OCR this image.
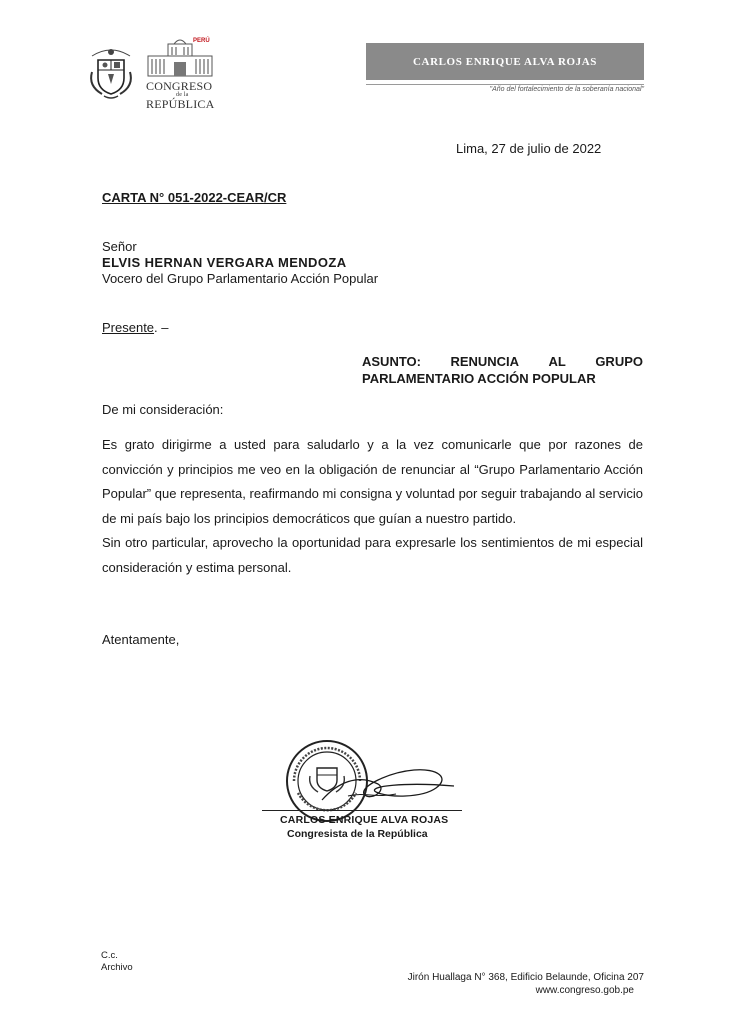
PERÚ
CONGRESO
de la
REPÚBLICA
CARLOS ENRIQUE ALVA ROJAS
"Año del fortalecimiento de la soberanía nacional"
Lima, 27 de julio de 2022
CARTA N° 051-2022-CEAR/CR
Señor
ELVIS HERNAN VERGARA MENDOZA
Vocero del Grupo Parlamentario Acción Popular
Presente. –
ASUNTO: RENUNCIA AL GRUPO
PARLAMENTARIO ACCIÓN POPULAR
De mi consideración:

Es grato dirigirme a usted para saludarlo y a la vez comunicarle que por razones de convicción y principios me veo en la obligación de renunciar al “Grupo Parlamentario Acción Popular” que representa, reafirmando mi consigna y voluntad por seguir trabajando al servicio de mi país bajo los principios democráticos que guían a nuestro partido.

Sin otro particular, aprovecho la oportunidad para expresarle los sentimientos de mi especial consideración y estima personal.

Atentamente,
CARLOS ENRIQUE ALVA ROJAS
Congresista de la República
C.c.
Archivo
Jirón Huallaga N° 368, Edificio Belaunde, Oficina 207
www.congreso.gob.pe
